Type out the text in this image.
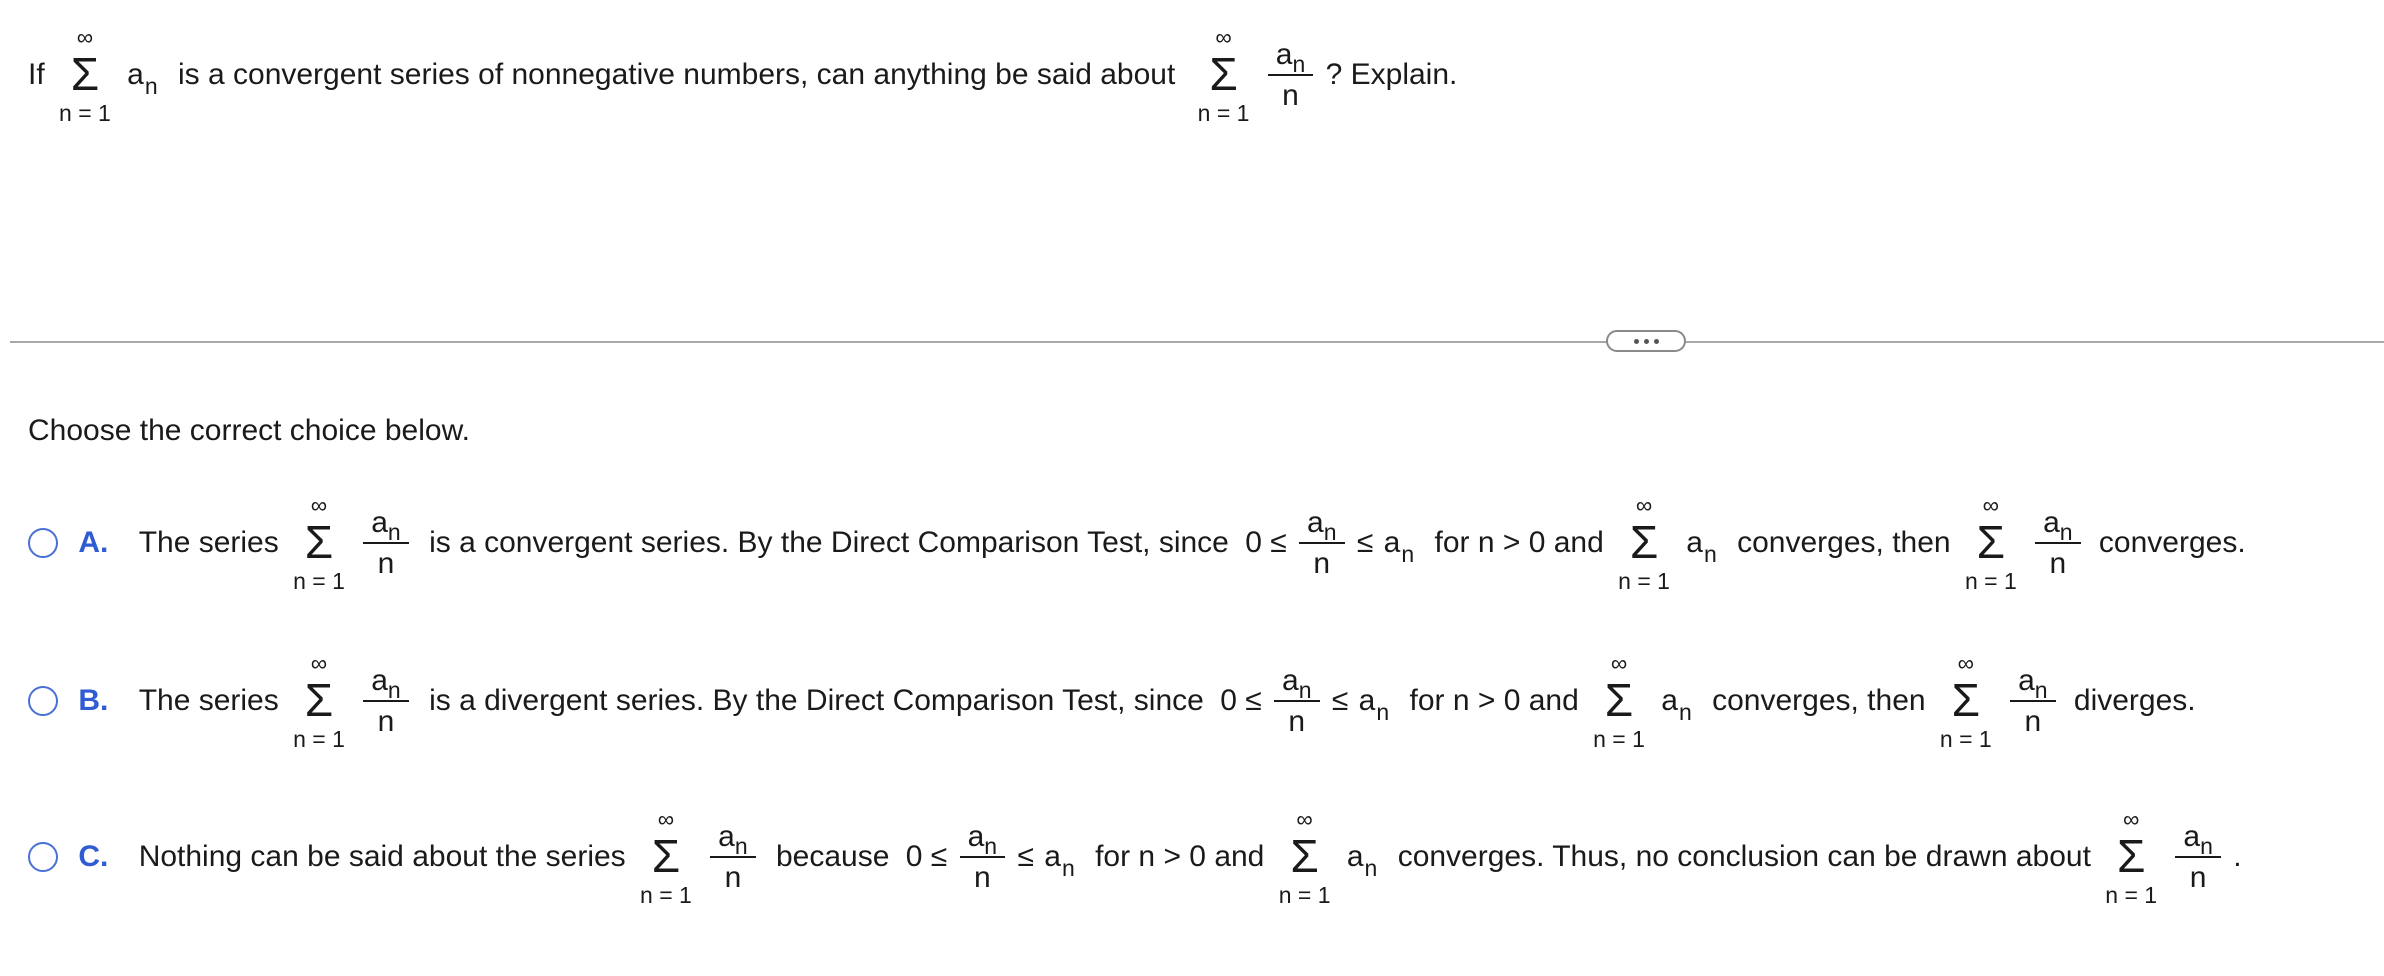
If
∞
Σ
n = 1
$a_n$ is a convergent series of nonnegative numbers, can anything be said about
∞
Σ
n = 1

$\frac{a_n}{n}$ ? Explain.
Choose the correct choice below.
A. The series
∞
Σ
n = 1

$\frac{a_n}{n}$ is a convergent series. By the Direct Comparison Test, since $0 \le \frac{a_n}{n} \le a_n$ for n > 0 and
∞
Σ
n = 1
$a_n$ converges, then
∞
Σ
n = 1

$\frac{a_n}{n}$ converges.
B. The series
∞
Σ
n = 1

$\frac{a_n}{n}$ is a divergent series. By the Direct Comparison Test, since $0 \le \frac{a_n}{n} \le a_n$ for n > 0 and
∞
Σ
n = 1
$a_n$ converges, then
∞
Σ
n = 1

$\frac{a_n}{n}$ diverges.
C. Nothing can be said about the series
∞
Σ
n = 1

$\frac{a_n}{n}$ because $0 \le \frac{a_n}{n} \le a_n$ for n > 0 and
∞
Σ
n = 1
$a_n$ converges. Thus, no conclusion can be drawn about
∞
Σ
n = 1

$\frac{a_n}{n}$ .
